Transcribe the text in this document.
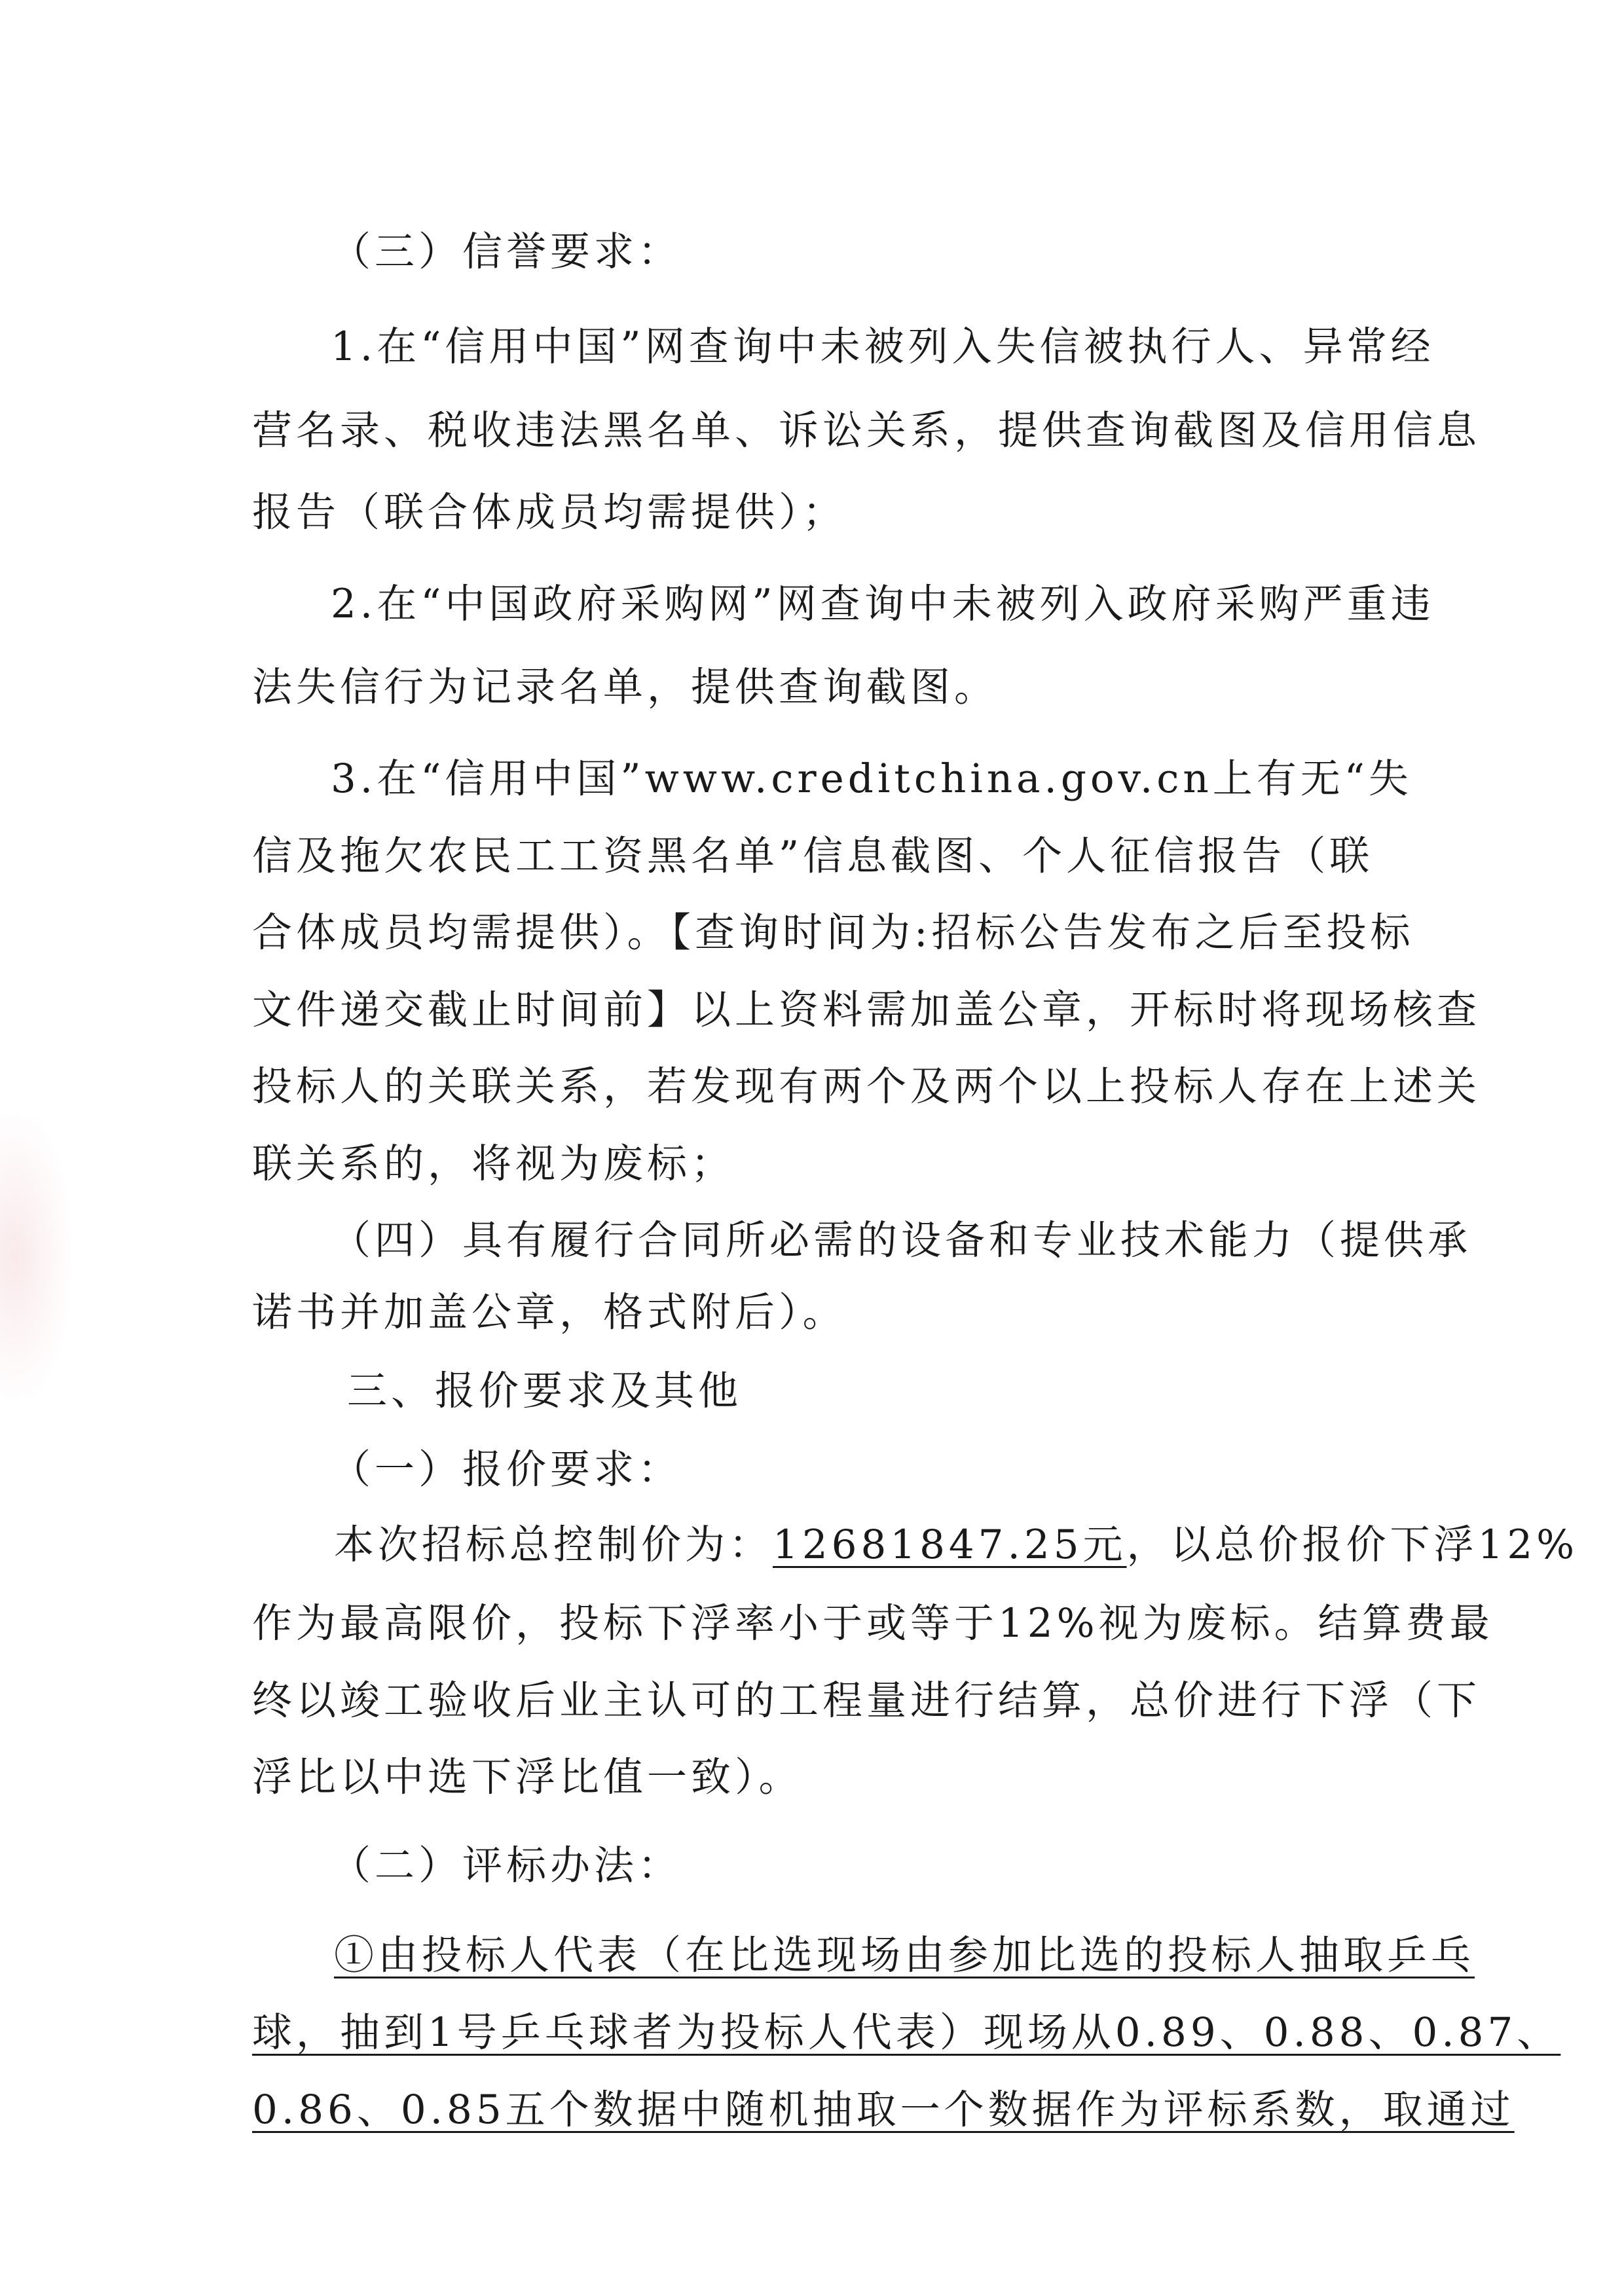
（三）信誉要求：
1.在“信用中国”网查询中未被列入失信被执行人、异常经
营名录、税收违法黑名单、诉讼关系，提供查询截图及信用信息
报告（联合体成员均需提供）；
2.在“中国政府采购网”网查询中未被列入政府采购严重违
法失信行为记录名单，提供查询截图。
3.在“信用中国”www.creditchina.gov.cn上有无“失
信及拖欠农民工工资黑名单”信息截图、个人征信报告（联
合体成员均需提供）。【查询时间为:招标公告发布之后至投标
文件递交截止时间前】以上资料需加盖公章，开标时将现场核查
投标人的关联关系，若发现有两个及两个以上投标人存在上述关
联关系的，将视为废标；
（四）具有履行合同所必需的设备和专业技术能力（提供承
诺书并加盖公章，格式附后）。
三、报价要求及其他
（一）报价要求：
本次招标总控制价为：12681847.25元，以总价报价下浮12%
作为最高限价，投标下浮率小于或等于12%视为废标。结算费最
终以竣工验收后业主认可的工程量进行结算，总价进行下浮（下
浮比以中选下浮比值一致）。
（二）评标办法：
①由投标人代表（在比选现场由参加比选的投标人抽取乒乓
球，抽到1号乒乓球者为投标人代表）现场从0.89、0.88、0.87、
0.86、0.85五个数据中随机抽取一个数据作为评标系数，取通过
